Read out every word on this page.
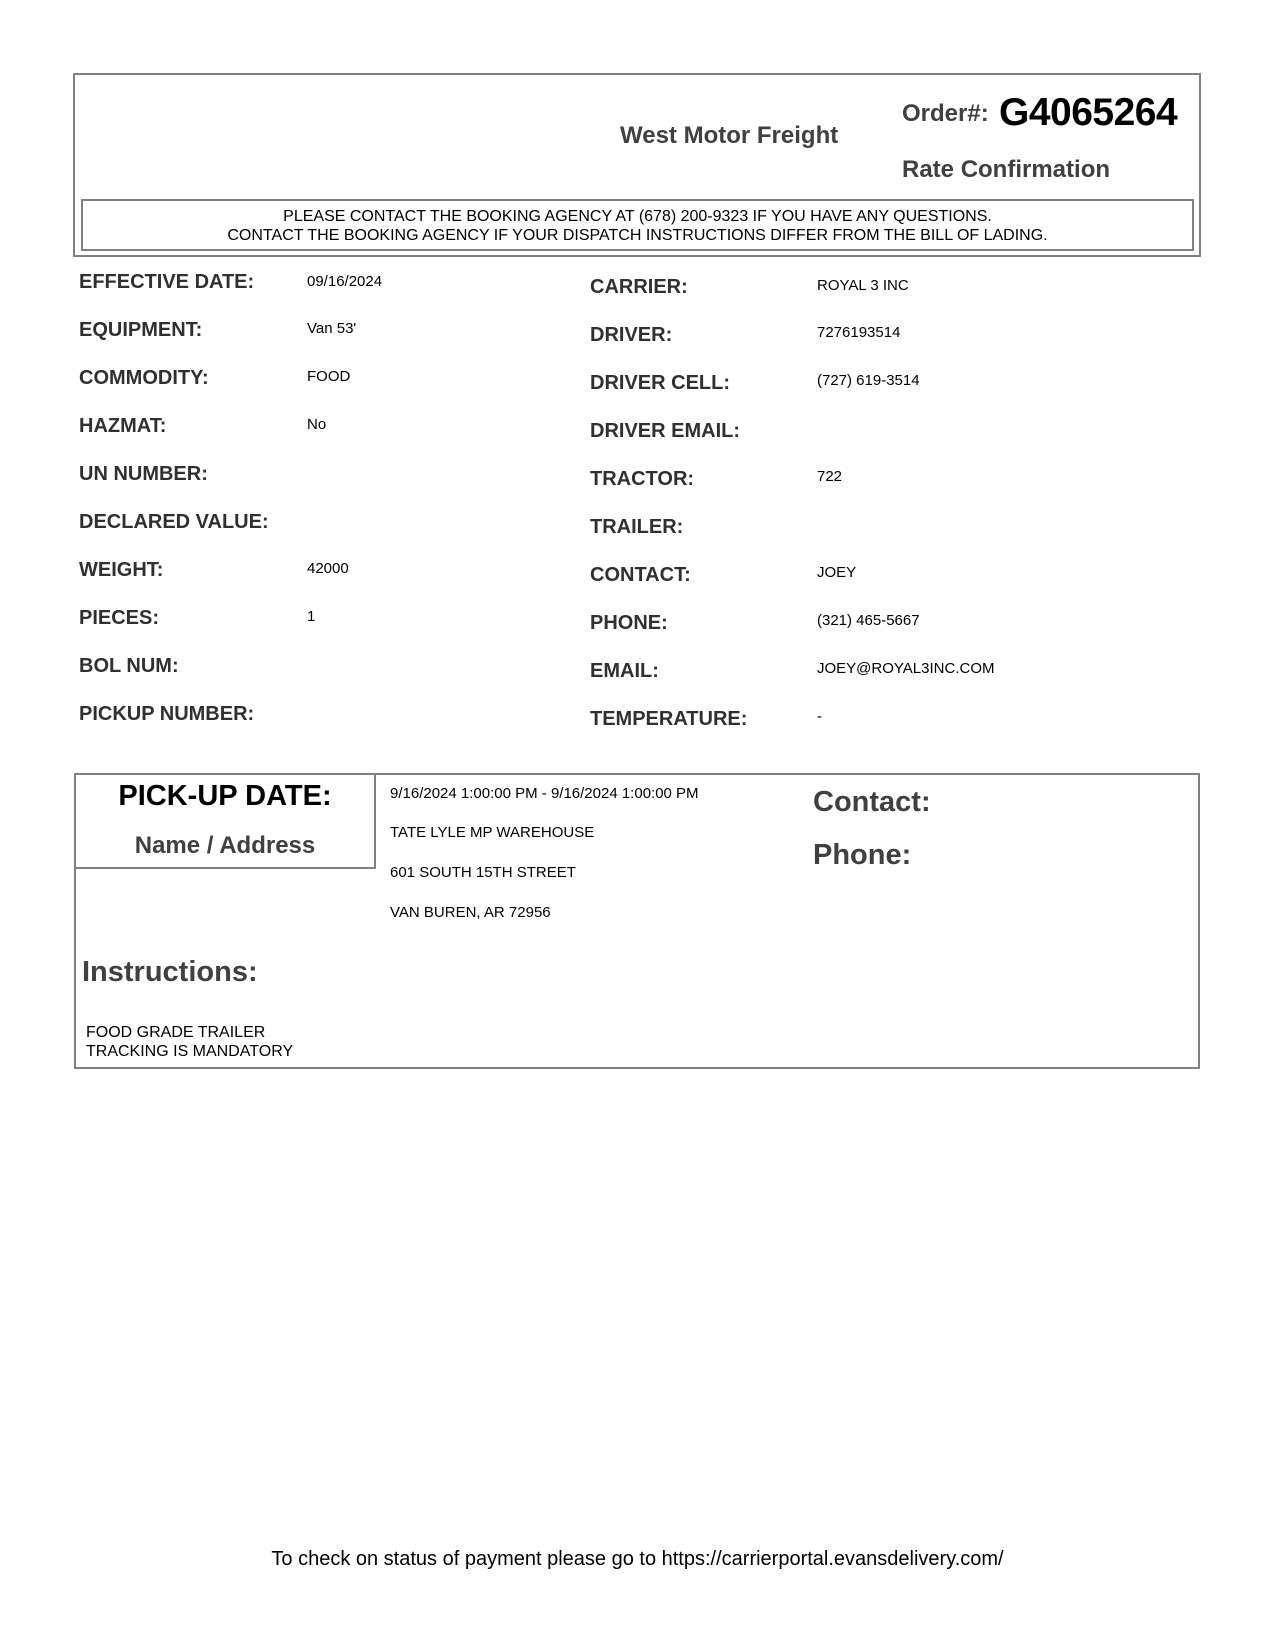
West Motor Freight
Order#: G4065264
Rate Confirmation
PLEASE CONTACT THE BOOKING AGENCY AT (678) 200-9323 IF YOU HAVE ANY QUESTIONS.
CONTACT THE BOOKING AGENCY IF YOUR DISPATCH INSTRUCTIONS DIFFER FROM THE BILL OF LADING.
EFFECTIVE DATE:	09/16/2024
EQUIPMENT:	Van 53'
COMMODITY:	FOOD
HAZMAT:	No
UN NUMBER:
DECLARED VALUE:
WEIGHT:	42000
PIECES:	1
BOL NUM:
PICKUP NUMBER:
CARRIER:	ROYAL 3 INC
DRIVER:	7276193514
DRIVER CELL:	(727) 619-3514
DRIVER EMAIL:
TRACTOR:	722
TRAILER:
CONTACT:	JOEY
PHONE:	(321) 465-5667
EMAIL:	JOEY@ROYAL3INC.COM
TEMPERATURE:	-
PICK-UP DATE:
Name / Address
9/16/2024 1:00:00 PM - 9/16/2024 1:00:00 PM
TATE LYLE MP WAREHOUSE
601 SOUTH 15TH STREET
VAN BUREN, AR 72956
Contact:
Phone:
Instructions:
FOOD GRADE TRAILER
TRACKING IS MANDATORY
To check on status of payment please go to https://carrierportal.evansdelivery.com/
